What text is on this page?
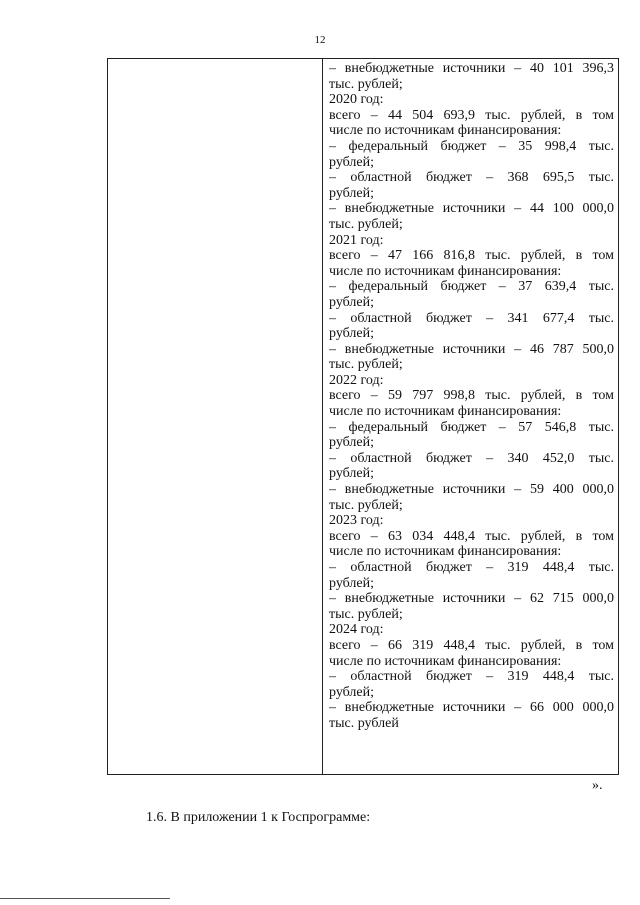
12
– внебюджетные источники – 40 101 396,3
тыс. рублей;
2020 год:
всего – 44 504 693,9 тыс. рублей, в том
числе по источникам финансирования:
– федеральный бюджет – 35 998,4 тыс.
рублей;
– областной бюджет – 368 695,5 тыс.
рублей;
– внебюджетные источники – 44 100 000,0
тыс. рублей;
2021 год:
всего – 47 166 816,8 тыс. рублей, в том
числе по источникам финансирования:
– федеральный бюджет – 37 639,4 тыс.
рублей;
– областной бюджет – 341 677,4 тыс.
рублей;
– внебюджетные источники – 46 787 500,0
тыс. рублей;
2022 год:
всего – 59 797 998,8 тыс. рублей, в том
числе по источникам финансирования:
– федеральный бюджет – 57 546,8 тыс.
рублей;
– областной бюджет – 340 452,0 тыс.
рублей;
– внебюджетные источники – 59 400 000,0
тыс. рублей;
2023 год:
всего – 63 034 448,4 тыс. рублей, в том
числе по источникам финансирования:
– областной бюджет – 319 448,4 тыс.
рублей;
– внебюджетные источники – 62 715 000,0
тыс. рублей;
2024 год:
всего – 66 319 448,4 тыс. рублей, в том
числе по источникам финансирования:
– областной бюджет – 319 448,4 тыс.
рублей;
– внебюджетные источники – 66 000 000,0
тыс. рублей
».
1.6. В приложении 1 к Госпрограмме:
